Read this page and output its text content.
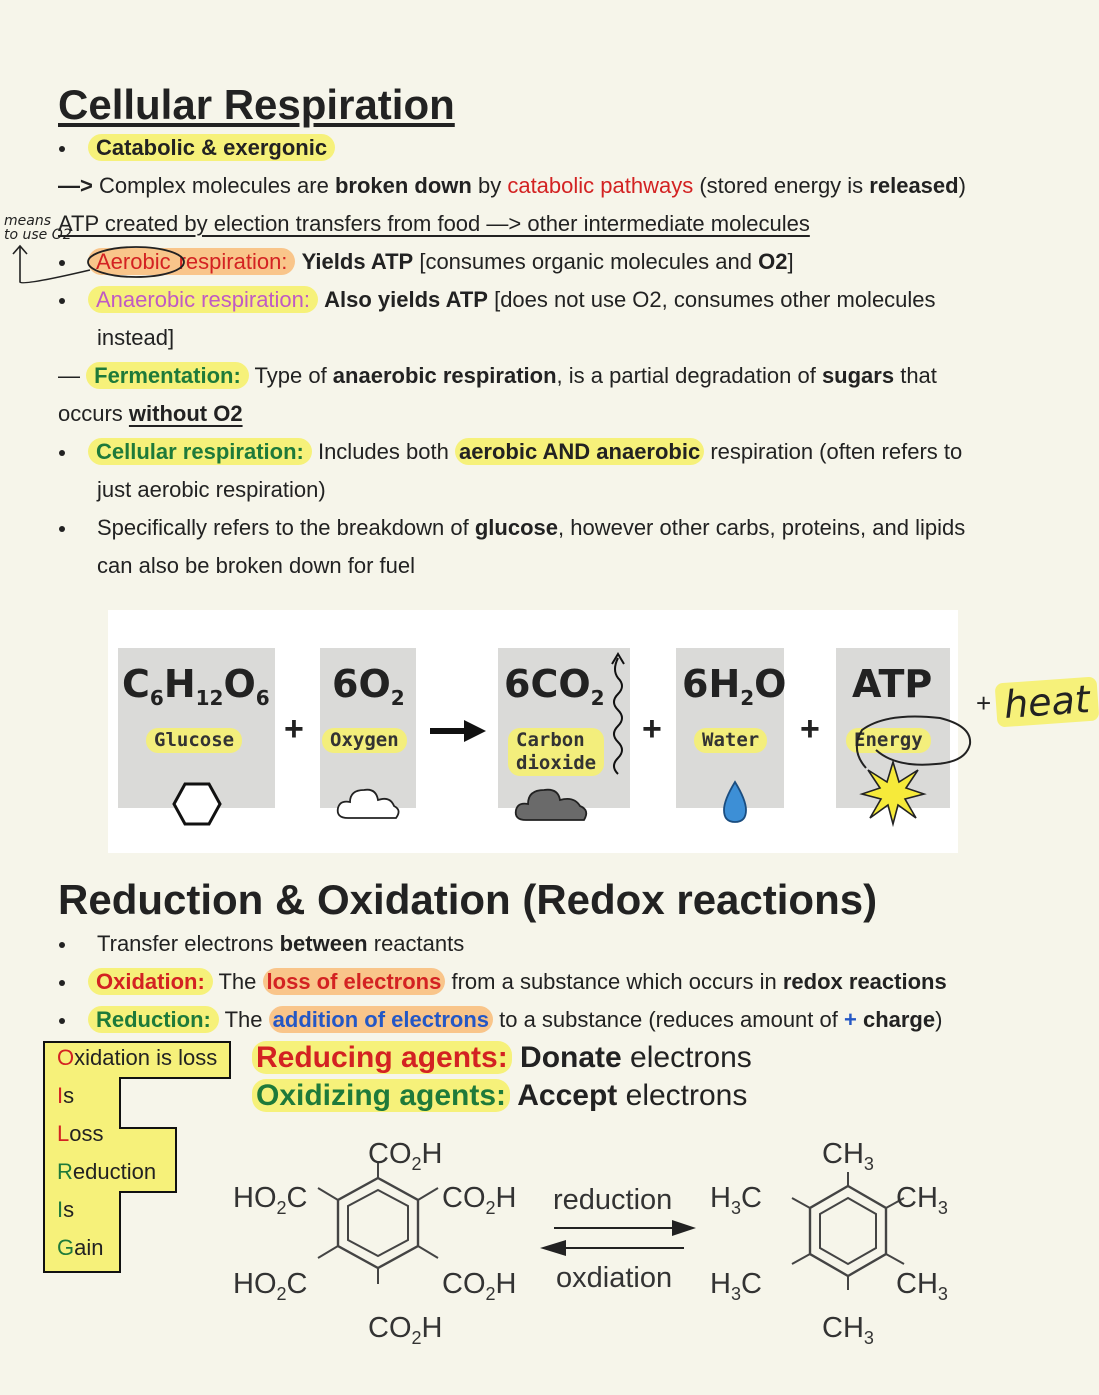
Cellular Respiration
Catabolic & exergonic
—> Complex molecules are broken down by catabolic pathways (stored energy is released)
means
to use O2
ATP created by election transfers from food —> other intermediate molecules
Aerobic respiration: Yields ATP [consumes organic molecules and O2]
Anaerobic respiration: Also yields ATP [does not use O2, consumes other molecules
instead]
— Fermentation: Type of anaerobic respiration, is a partial degradation of sugars that
occurs without O2
Cellular respiration: Includes both aerobic AND anaerobic respiration (often refers to
just aerobic respiration)
Specifically refers to the breakdown of glucose, however other carbs, proteins, and lipids
can also be broken down for fuel
$C_6H_{12}O_6$ $6O_2$	$6CO_2$ $6H_2O$ ATP
Glucose	Oxygen	Carbon dioxide
Water	Energy
+	+	+
+ heat
Reduction & Oxidation (Redox reactions)
Transfer electrons between reactants
Oxidation: The loss of electrons from a substance which occurs in redox reactions
Reduction: The addition of electrons to a substance (reduces amount of + charge)
Oxidation is loss
Is
Loss
Reduction
Is
Gain
Reducing agents: Donate electrons
Oxidizing agents: Accept electrons
$CO_2H$
$HO_2C$	$CO_2H$
$HO_2C$	$CO_2H$
$CO_2H$
reduction
oxdiation
$CH_3$
$H_3C$	$CH_3$
$H_3C$	$CH_3$
$CH_3$
